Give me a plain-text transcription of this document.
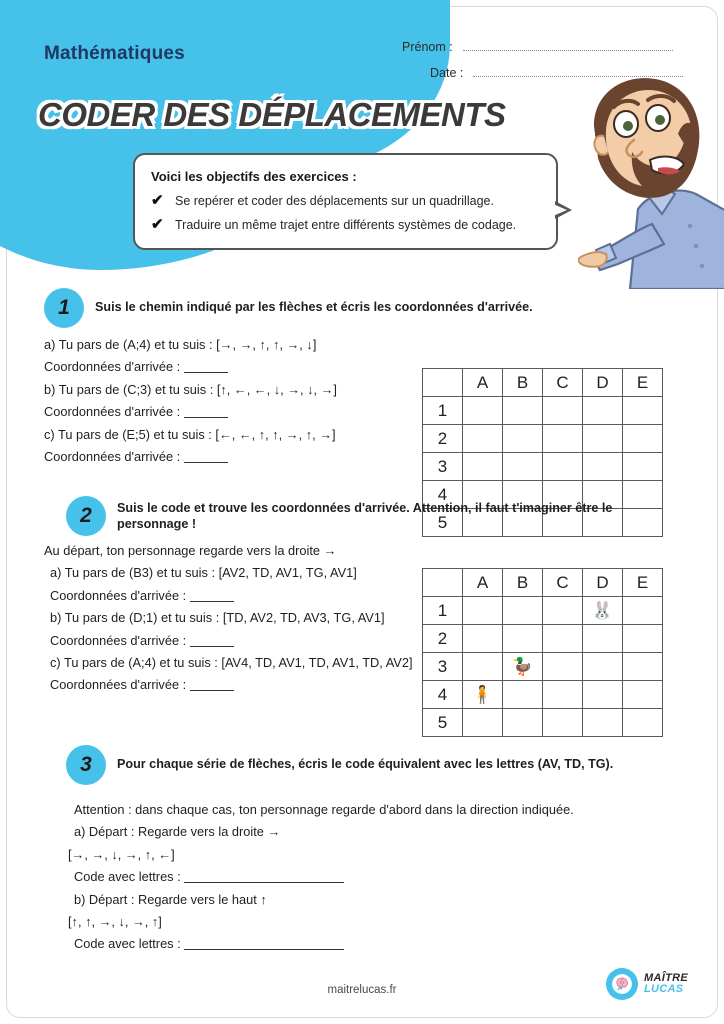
Mathématiques	Prénom :
Date :
CODER DES DÉPLACEMENTS
Voici les objectifs des exercices :
✔ Se repérer et coder des déplacements sur un quadrillage.
✔ Traduire un même trajet entre différents systèmes de codage.
1	Suis le chemin indiqué par les flèches et écris les coordonnées d'arrivée.

a) Tu pars de (A;4) et tu suis : [→, →, ↑, ↑, →, ↓]

Coordonnées d'arrivée :

b) Tu pars de (C;3) et tu suis : [↑, ←, ←, ↓, →, ↓, →]

Coordonnées d'arrivée :

c) Tu pars de (E;5) et tu suis : [←, ←, ↑, ↑, →, ↑, →]

Coordonnées d'arrivée :

	A	B	C	D	E
1					
2					
3					
4					
5					
2	Suis le code et trouve les coordonnées d'arrivée. Attention, il faut t'imaginer être le personnage !

Au départ, ton personnage regarde vers la droite →

a) Tu pars de (B3) et tu suis : [AV2, TD, AV1, TG, AV1]

Coordonnées d'arrivée :

b) Tu pars de (D;1) et tu suis : [TD, AV2, TD, AV3, TG, AV1]

Coordonnées d'arrivée :

c) Tu pars de (A;4) et tu suis : [AV4, TD, AV1, TD, AV1, TD, AV2]

Coordonnées d'arrivée :

	A	B	C	D	E
1				🐰	
2					
3		🦆			
4	🧍				
5					
3	Pour chaque série de flèches, écris le code équivalent avec les lettres (AV, TD, TG).

Attention : dans chaque cas, ton personnage regarde d'abord dans la direction indiquée.

a) Départ : Regarde vers la droite →

[→, →, ↓, →, ↑, ←]

Code avec lettres :

b) Départ : Regarde vers le haut ↑

[↑, ↑, →, ↓, →, ↑]

Code avec lettres :

maitrelucas.fr
MAÎTRE
LUCAS
